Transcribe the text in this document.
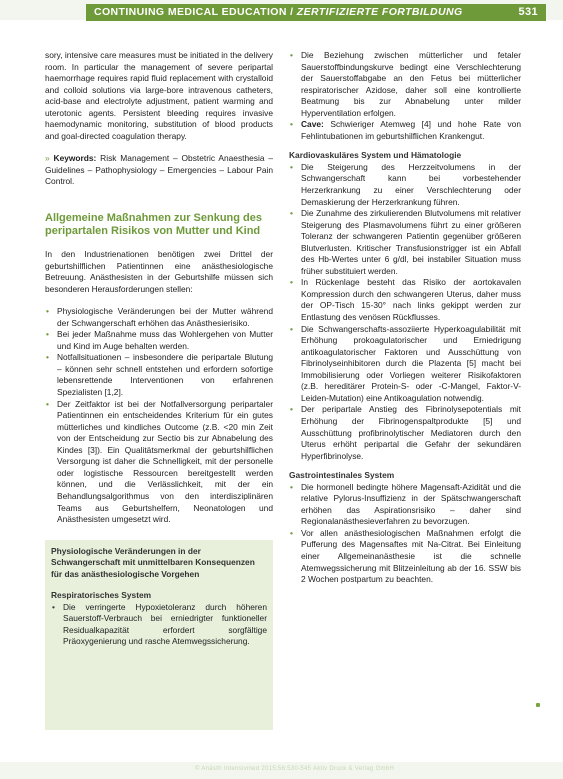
CONTINUING MEDICAL EDUCATION / ZERTIFIZIERTE FORTBILDUNG	531

sory, intensive care measures must be initiated in the delivery room. In particular the management of severe peripartal haemorrhage requires rapid fluid replacement with crystalloid and colloid solutions via large-bore intravenous catheters, acid-base and electrolyte adjustment, patient warming and uterotonic agents. Persistent bleeding requires invasive haemodynamic monitoring, substitution of blood products and goal-directed coagulation therapy.

» Keywords: Risk Management – Obstetric Anaesthesia – Guidelines – Pathophysiology – Emergencies – Labour Pain Control.

Allgemeine Maßnahmen zur Senkung des peripartalen Risikos von Mutter und Kind

In den Industrienationen benötigen zwei Drittel der geburtshilflichen Patientinnen eine anästhesiologische Betreuung. Anästhesisten in der Geburtshilfe müssen sich besonderen Herausforderungen stellen:

• Physiologische Veränderungen bei der Mutter während der Schwangerschaft erhöhen das Anästhesierisiko.
• Bei jeder Maßnahme muss das Wohlergehen von Mutter und Kind im Auge behalten werden.
• Notfallsituationen – insbesondere die peripartale Blutung – können sehr schnell entstehen und erfordern sofortige lebensrettende Interventionen von erfahrenen Spezialisten [1,2].
• Der Zeitfaktor ist bei der Notfallversorgung peripartaler Patientinnen ein entscheidendes Kriterium für ein gutes mütterliches und kindliches Outcome (z.B. <20 min Zeit von der Entscheidung zur Sectio bis zur Abnabelung des Kindes [3]). Ein Qualitätsmerkmal der geburtshilflichen Versorgung ist daher die Schnelligkeit, mit der personelle oder logistische Ressourcen bereitgestellt werden können, und die Verlässlichkeit, mit der ein Behandlungsalgorithmus von den interdisziplinären Teams aus Geburtshelfern, Neonatologen und Anästhesisten umgesetzt wird.
Physiologische Veränderungen in der Schwangerschaft mit unmittelbaren Konsequenzen für das anästhesiologische Vorgehen
Respiratorisches System
• Die verringerte Hypoxietoleranz durch höheren Sauerstoff-Verbrauch bei erniedrigter funktioneller Residualkapazität erfordert sorgfältige Präoxygenierung und rasche Atemwegssicherung.
• Die Beziehung zwischen mütterlicher und fetaler Sauerstoffbindungskurve bedingt eine Verschlechterung der Sauerstoffabgabe an den Fetus bei mütterlicher respiratorischer Azidose, daher soll eine kontrollierte Beatmung bis zur Abnabelung unter milder Hyperventilation erfolgen.
• Cave: Schwieriger Atemweg [4] und hohe Rate von Fehlintubationen im geburtshilflichen Krankengut.
Kardiovaskuläres System und Hämatologie
• Die Steigerung des Herzzeitvolumens in der Schwangerschaft kann bei vorbestehender Herzerkrankung zu einer Verschlechterung oder Demaskierung der Herzerkrankung führen.
• Die Zunahme des zirkulierenden Blutvolumens mit relativer Steigerung des Plasmavolumens führt zu einer größeren Toleranz der schwangeren Patientin gegenüber größeren Blutverlusten. Kritischer Transfusionstrigger ist ein Abfall des Hb-Wertes unter 6 g/dl, bei instabiler Situation muss früher substituiert werden.
• In Rückenlage besteht das Risiko der aortokavalen Kompression durch den schwangeren Uterus, daher muss der OP-Tisch 15-30° nach links gekippt werden zur Entlastung des venösen Rückflusses.
• Die Schwangerschafts-assoziierte Hyperkoagulabilität mit Erhöhung prokoagulatorischer und Erniedrigung antikoagulatorischer Faktoren und Ausschüttung von Fibrinolyseinhibitoren durch die Plazenta [5] macht bei Immobilisierung oder Vorliegen weiterer Risikofaktoren (z.B. hereditärer Protein-S- oder -C-Mangel, Faktor-V-Leiden-Mutation) eine Antikoagulation notwendig.
• Der peripartale Anstieg des Fibrinolysepotentials mit Erhöhung der Fibrinogenspaltprodukte [5] und Ausschüttung profibrinolytischer Mediatoren durch den Uterus erhöht peripartal die Gefahr der sekundären Hyperfibrinolyse.
Gastrointestinales System
• Die hormonell bedingte höhere Magensaft-Azidität und die relative Pylorus-Insuffizienz in der Spätschwangerschaft erhöhen das Aspirationsrisiko – daher sind Regionalanästhesieverfahren zu bevorzugen.
• Vor allen anästhesiologischen Maßnahmen erfolgt die Pufferung des Magensaftes mit Na-Citrat. Bei Einleitung einer Allgemeinanästhesie ist die schnelle Atemwegssicherung mit Blitzeinleitung ab der 16. SSW bis 2 Wochen postpartum zu beachten.
© Anästh Intensivmed 2015;56:530-545 Aktiv Druck & Verlag GmbH
